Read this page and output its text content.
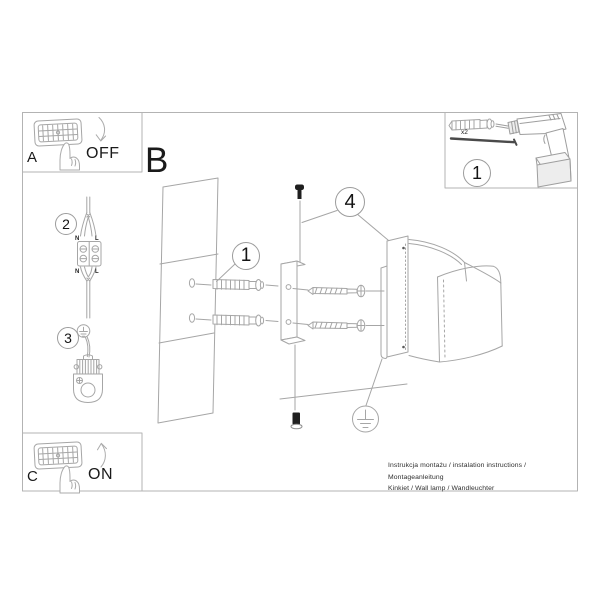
A	OFF B
C	ON
1
4
2
3
1
x2
N	L
N	L
Instrukcja montażu / instalation instructions / Montageanleitung
Kinkiet / Wall lamp / Wandleuchter
